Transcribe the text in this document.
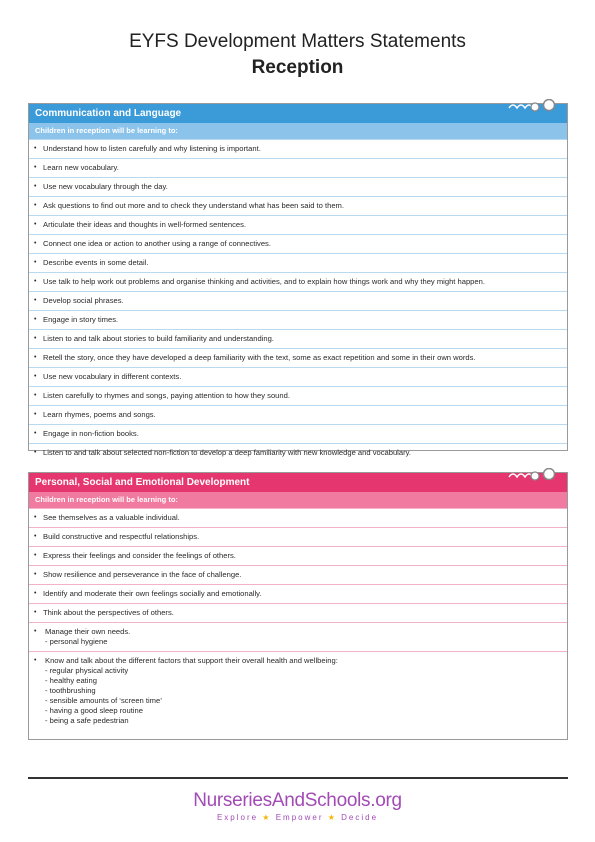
EYFS Development Matters Statements
Reception
Communication and Language
Children in reception will be learning to:
• Understand how to listen carefully and why listening is important.
• Learn new vocabulary.
• Use new vocabulary through the day.
• Ask questions to find out more and to check they understand what has been said to them.
• Articulate their ideas and thoughts in well-formed sentences.
• Connect one idea or action to another using a range of connectives.
• Describe events in some detail.
• Use talk to help work out problems and organise thinking and activities, and to explain how things work and why they might happen.
• Develop social phrases.
• Engage in story times.
• Listen to and talk about stories to build familiarity and understanding.
• Retell the story, once they have developed a deep familiarity with the text, some as exact repetition and some in their own words.
• Use new vocabulary in different contexts.
• Listen carefully to rhymes and songs, paying attention to how they sound.
• Learn rhymes, poems and songs.
• Engage in non-fiction books.
• Listen to and talk about selected non-fiction to develop a deep familiarity with new knowledge and vocabulary.
Personal, Social and Emotional Development
Children in reception will be learning to:
• See themselves as a valuable individual.
• Build constructive and respectful relationships.
• Express their feelings and consider the feelings of others.
• Show resilience and perseverance in the face of challenge.
• Identify and moderate their own feelings socially and emotionally.
• Think about the perspectives of others.
• Manage their own needs.
- personal hygiene
• Know and talk about the different factors that support their overall health and wellbeing:
- regular physical activity
- healthy eating
- toothbrushing
- sensible amounts of ‘screen time’
- having a good sleep routine
- being a safe pedestrian
NurseriesAndSchools.org
Explore ★ Empower ★ Decide
